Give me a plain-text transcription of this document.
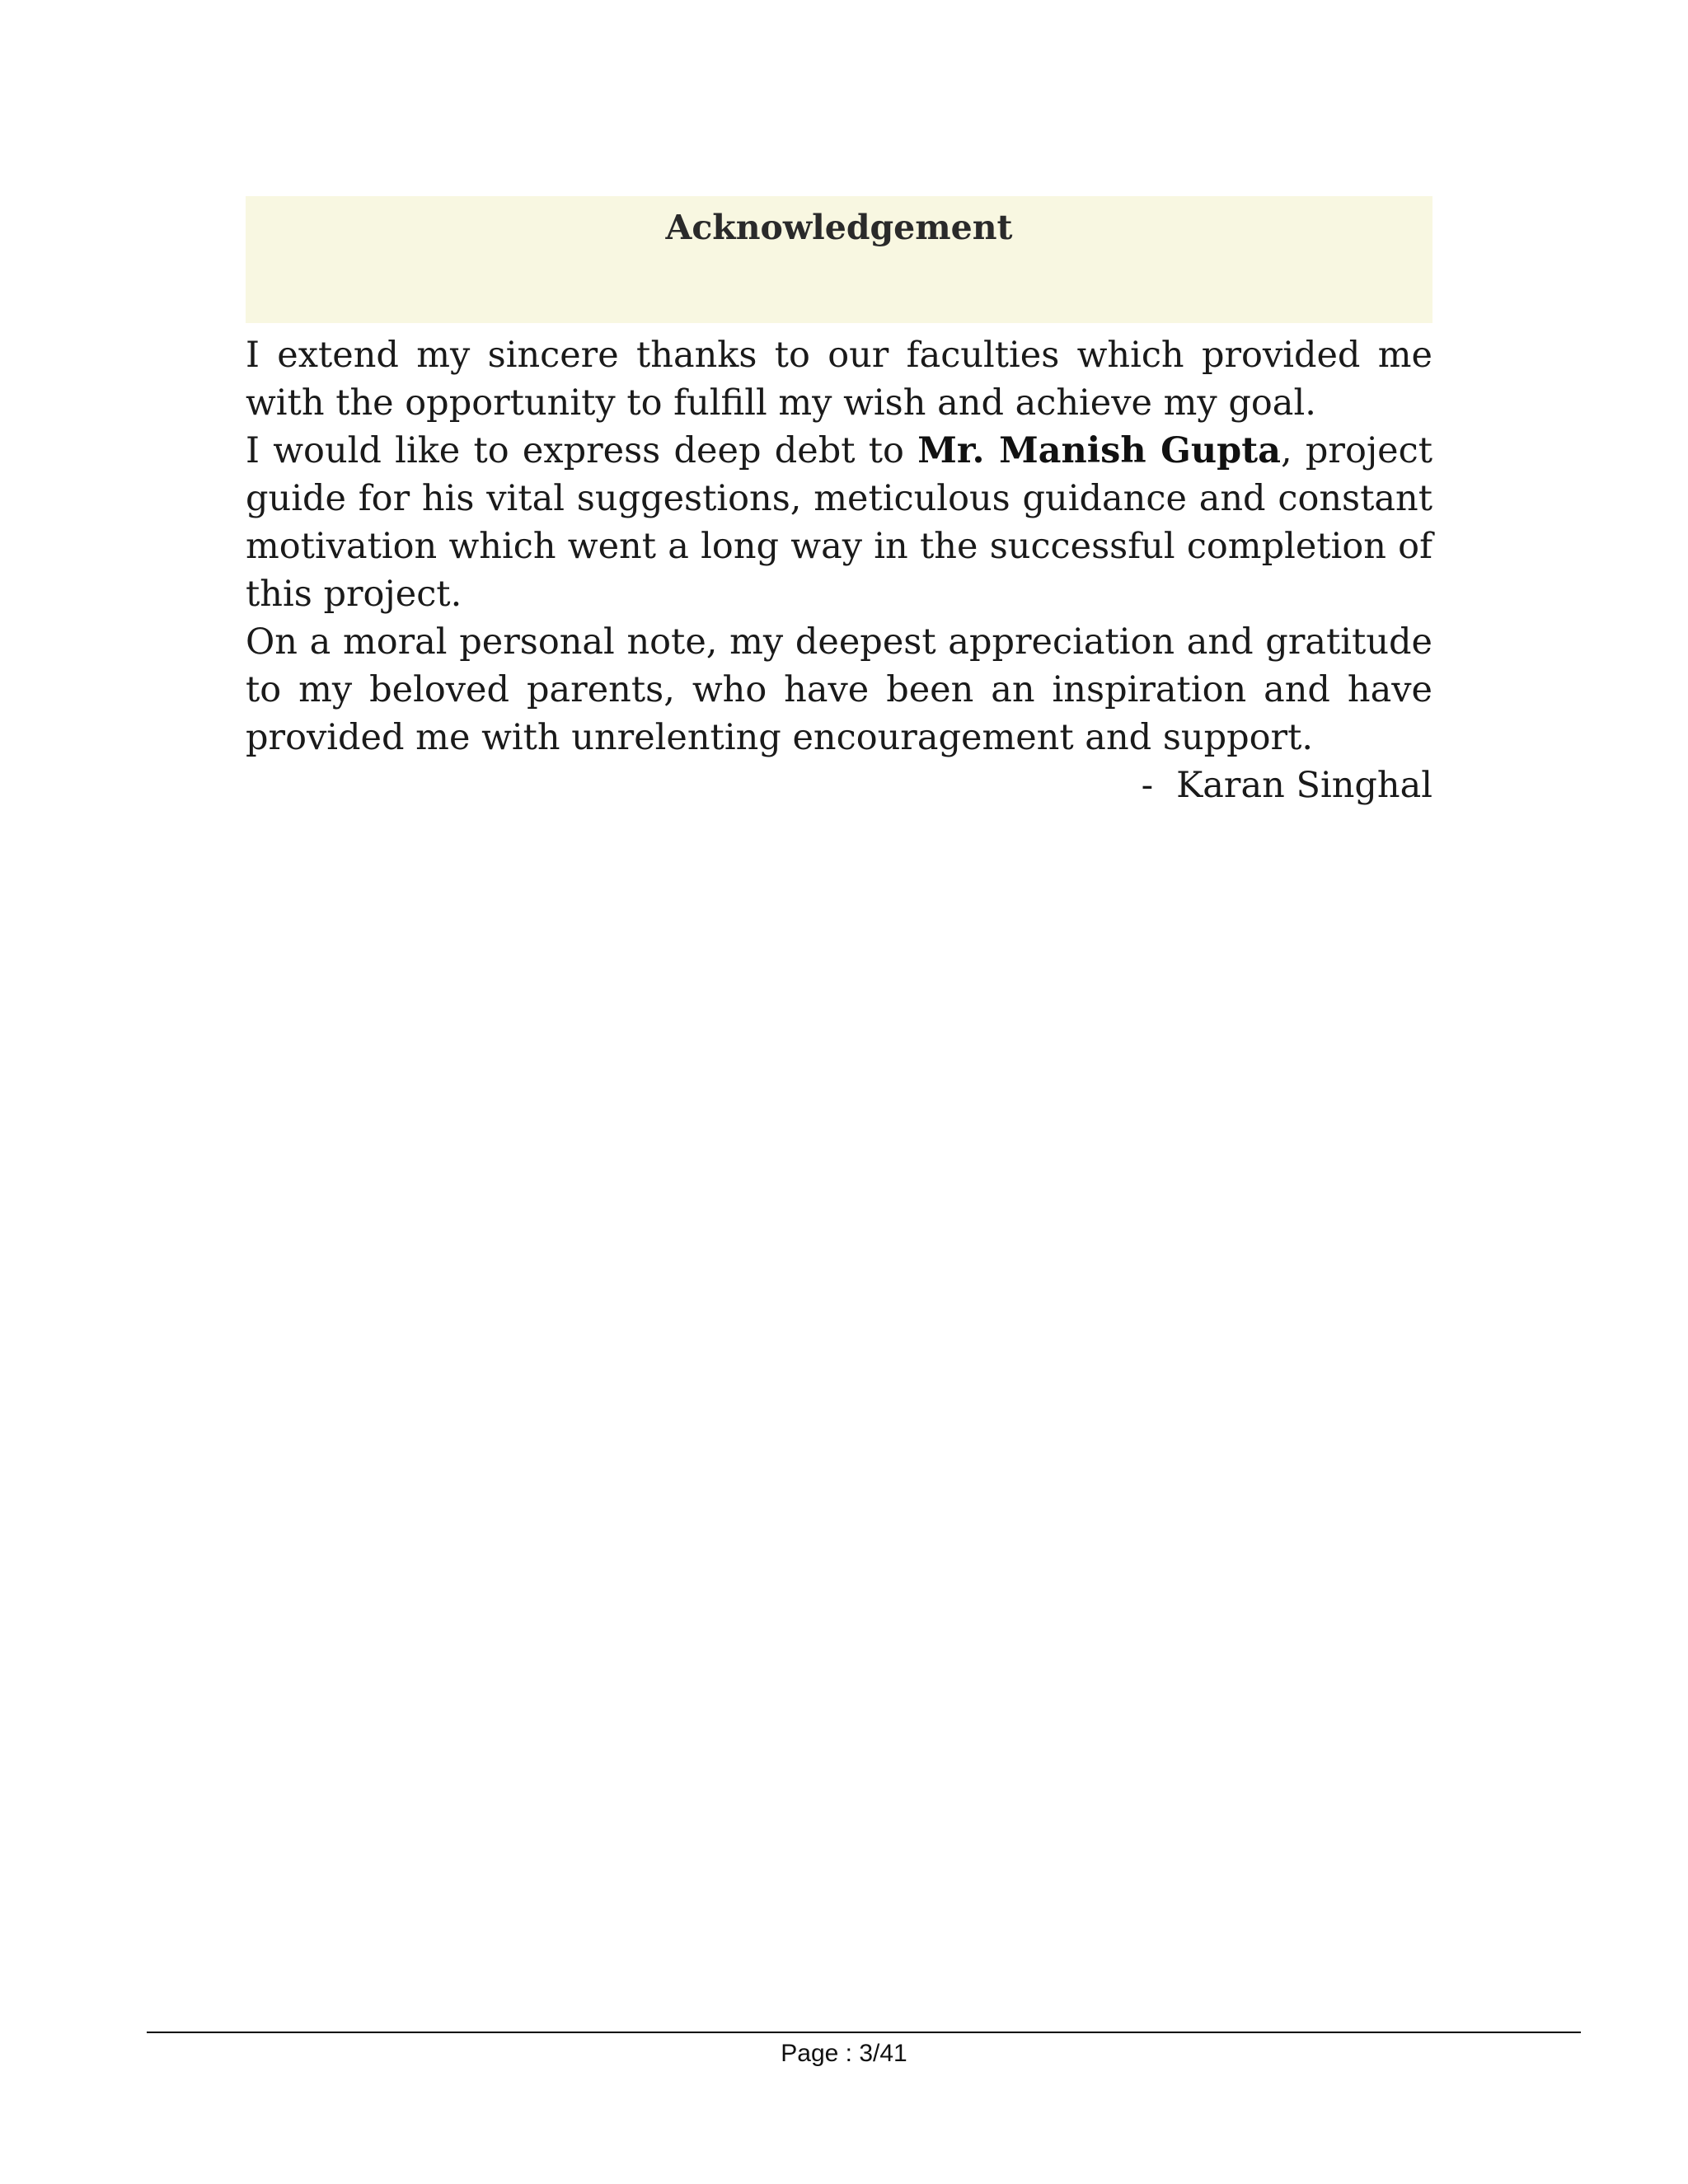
Acknowledgement

I extend my sincere thanks to our faculties which provided me with the opportunity to fulfill my wish and achieve my goal.

I would like to express deep debt to Mr. Manish Gupta, project guide for his vital suggestions, meticulous guidance and constant motivation which went a long way in the successful completion of this project.

On a moral personal note, my deepest appreciation and gratitude to my beloved parents, who have been an inspiration and have provided me with unrelenting encouragement and support.

- Karan Singhal

Page : 3/41
